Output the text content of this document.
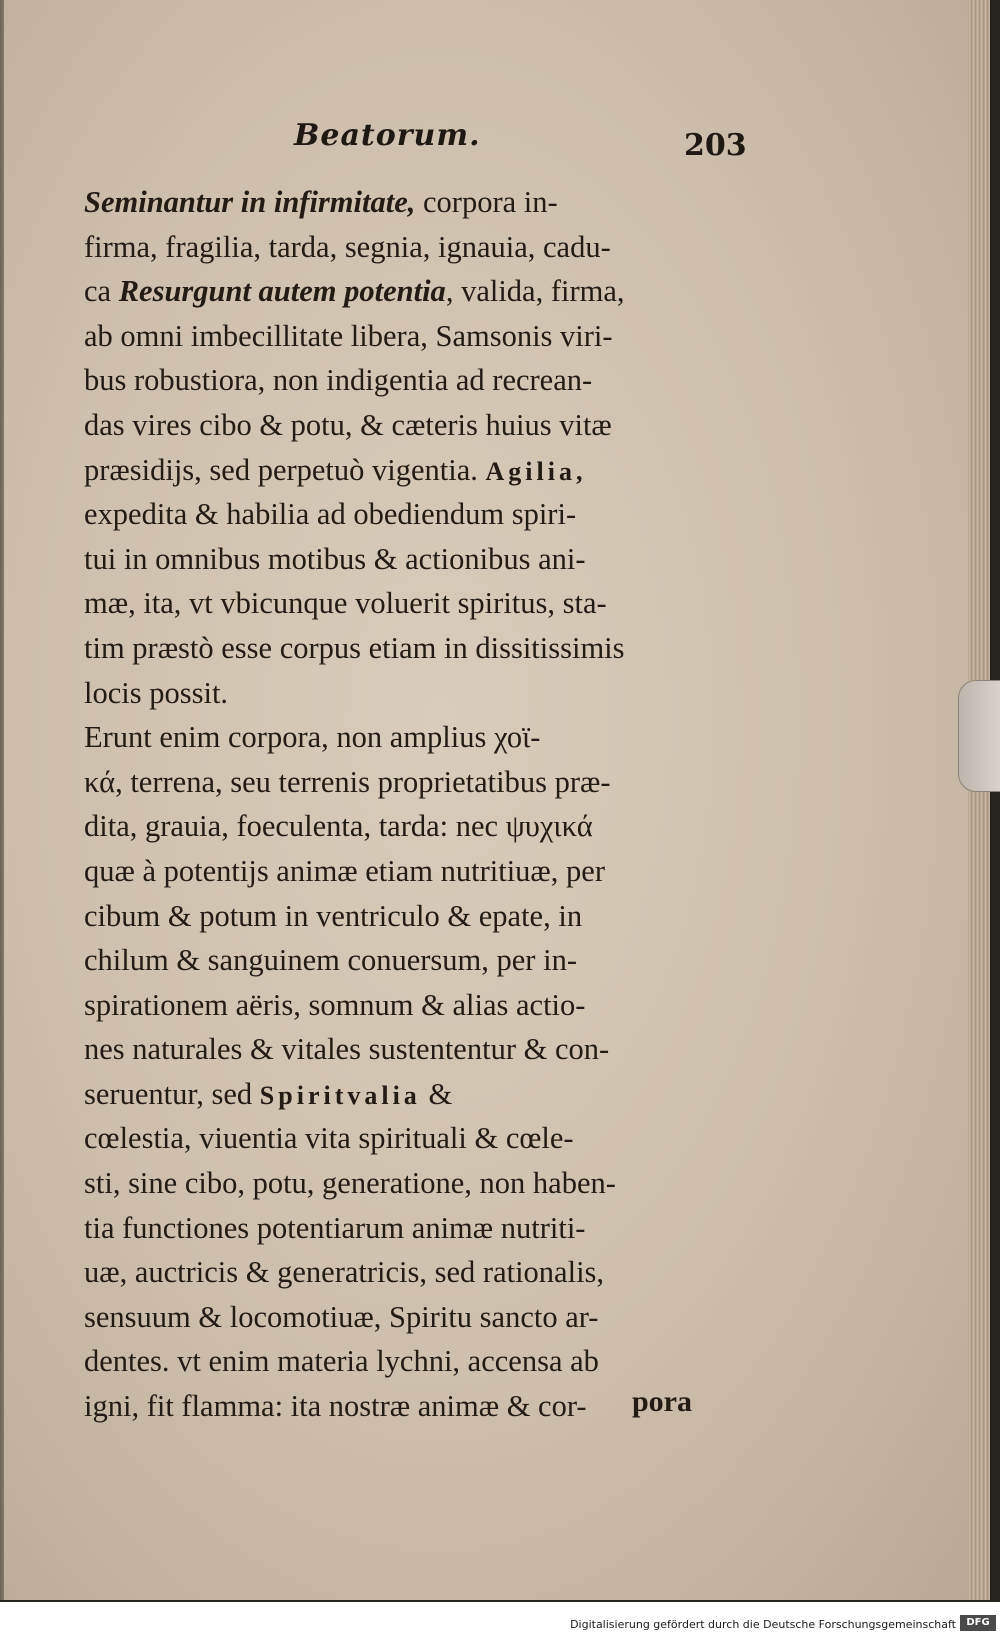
Beatorum.	203
Seminantur in infirmitate, corpora in-
firma, fragilia, tarda, segnia, ignauia, cadu-
ca Resurgunt autem potentia, valida, firma,
ab omni imbecillitate libera, Samsonis viri-
bus robustiora, non indigentia ad recrean-
das vires cibo & potu, & cæteris huius vitæ
præsidijs, sed perpetuò vigentia. Agilia,
expedita & habilia ad obediendum spiri-
tui in omnibus motibus & actionibus ani-
mæ, ita, vt vbicunque voluerit spiritus, sta-
tim præstò esse corpus etiam in dissitissimis
locis possit.
Erunt enim corpora, non amplius χοϊ-
κά, terrena, seu terrenis proprietatibus præ-
dita, grauia, foeculenta, tarda: nec ψυχικά
quæ à potentijs animæ etiam nutritiuæ, per
cibum & potum in ventriculo & epate, in
chilum & sanguinem conuersum, per in-
spirationem aëris, somnum & alias actio-
nes naturales & vitales sustententur & con-
seruentur, sed Spiritvalia &
cœlestia, viuentia vita spirituali & cœle-
sti, sine cibo, potu, generatione, non haben-
tia functiones potentiarum animæ nutriti-
uæ, auctricis & generatricis, sed rationalis,
sensuum & locomotiuæ, Spiritu sancto ar-
dentes. vt enim materia lychni, accensa ab
igni, fit flamma: ita nostræ animæ & cor-	pora
Digitalisierung gefördert durch die Deutsche Forschungsgemeinschaft	DFG
